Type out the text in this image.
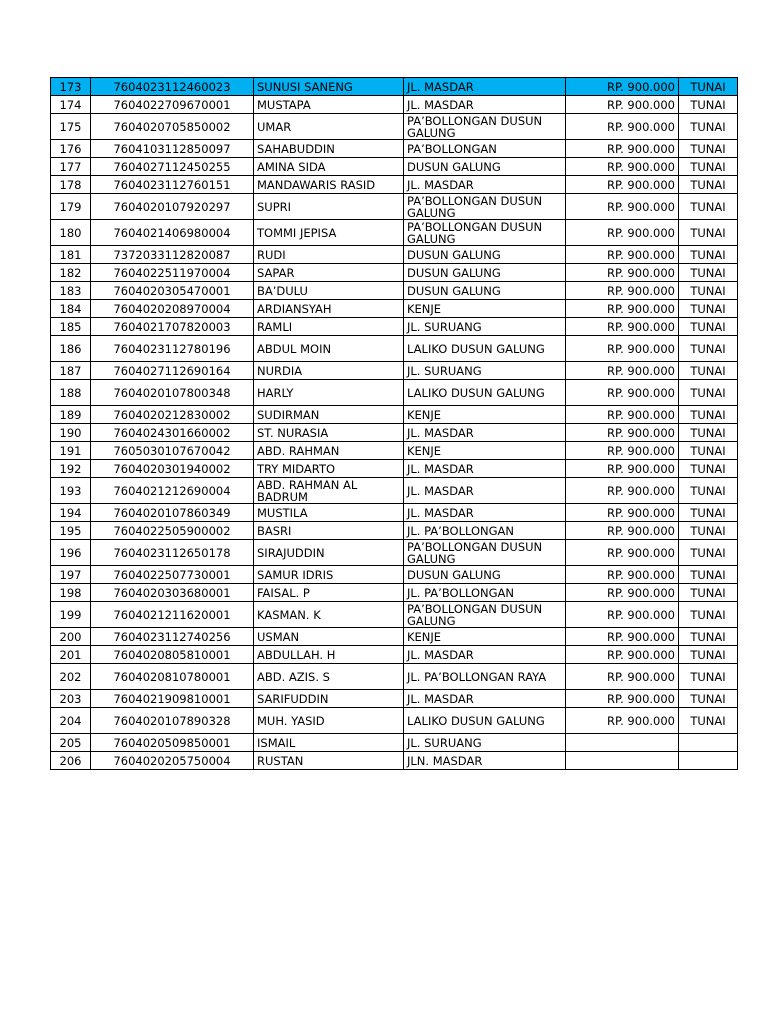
173	7604023112460023	SUNUSI SANENG	JL. MASDAR	RP. 900.000	TUNAI
174	7604022709670001	MUSTAPA	JL. MASDAR	RP. 900.000	TUNAI
175	7604020705850002	UMAR	PA’BOLLONGAN DUSUN GALUNG	RP. 900.000	TUNAI
176	7604103112850097	SAHABUDDIN	PA’BOLLONGAN	RP. 900.000	TUNAI
177	7604027112450255	AMINA SIDA	DUSUN GALUNG	RP. 900.000	TUNAI
178	7604023112760151	MANDAWARIS RASID	JL. MASDAR	RP. 900.000	TUNAI
179	7604020107920297	SUPRI	PA’BOLLONGAN DUSUN GALUNG	RP. 900.000	TUNAI
180	7604021406980004	TOMMI JEPISA	PA’BOLLONGAN DUSUN GALUNG	RP. 900.000	TUNAI
181	7372033112820087	RUDI	DUSUN GALUNG	RP. 900.000	TUNAI
182	7604022511970004	SAPAR	DUSUN GALUNG	RP. 900.000	TUNAI
183	7604020305470001	BA’DULU	DUSUN GALUNG	RP. 900.000	TUNAI
184	7604020208970004	ARDIANSYAH	KENJE	RP. 900.000	TUNAI
185	7604021707820003	RAMLI	JL. SURUANG	RP. 900.000	TUNAI
186	7604023112780196	ABDUL MOIN	LALIKO DUSUN GALUNG	RP. 900.000	TUNAI
187	7604027112690164	NURDIA	JL. SURUANG	RP. 900.000	TUNAI
188	7604020107800348	HARLY	LALIKO DUSUN GALUNG	RP. 900.000	TUNAI
189	7604020212830002	SUDIRMAN	KENJE	RP. 900.000	TUNAI
190	7604024301660002	ST. NURASIA	JL. MASDAR	RP. 900.000	TUNAI
191	7605030107670042	ABD. RAHMAN	KENJE	RP. 900.000	TUNAI
192	7604020301940002	TRY MIDARTO	JL. MASDAR	RP. 900.000	TUNAI
193	7604021212690004	ABD. RAHMAN AL BADRUM	JL. MASDAR	RP. 900.000	TUNAI
194	7604020107860349	MUSTILA	JL. MASDAR	RP. 900.000	TUNAI
195	7604022505900002	BASRI	JL. PA’BOLLONGAN	RP. 900.000	TUNAI
196	7604023112650178	SIRAJUDDIN	PA’BOLLONGAN DUSUN GALUNG	RP. 900.000	TUNAI
197	7604022507730001	SAMUR IDRIS	DUSUN GALUNG	RP. 900.000	TUNAI
198	7604020303680001	FAISAL. P	JL. PA’BOLLONGAN	RP. 900.000	TUNAI
199	7604021211620001	KASMAN. K	PA’BOLLONGAN DUSUN GALUNG	RP. 900.000	TUNAI
200	7604023112740256	USMAN	KENJE	RP. 900.000	TUNAI
201	7604020805810001	ABDULLAH. H	JL. MASDAR	RP. 900.000	TUNAI
202	7604020810780001	ABD. AZIS. S	JL. PA’BOLLONGAN RAYA	RP. 900.000	TUNAI
203	7604021909810001	SARIFUDDIN	JL. MASDAR	RP. 900.000	TUNAI
204	7604020107890328	MUH. YASID	LALIKO DUSUN GALUNG	RP. 900.000	TUNAI
205	7604020509850001	ISMAIL	JL. SURUANG		
206	7604020205750004	RUSTAN	JLN. MASDAR		
